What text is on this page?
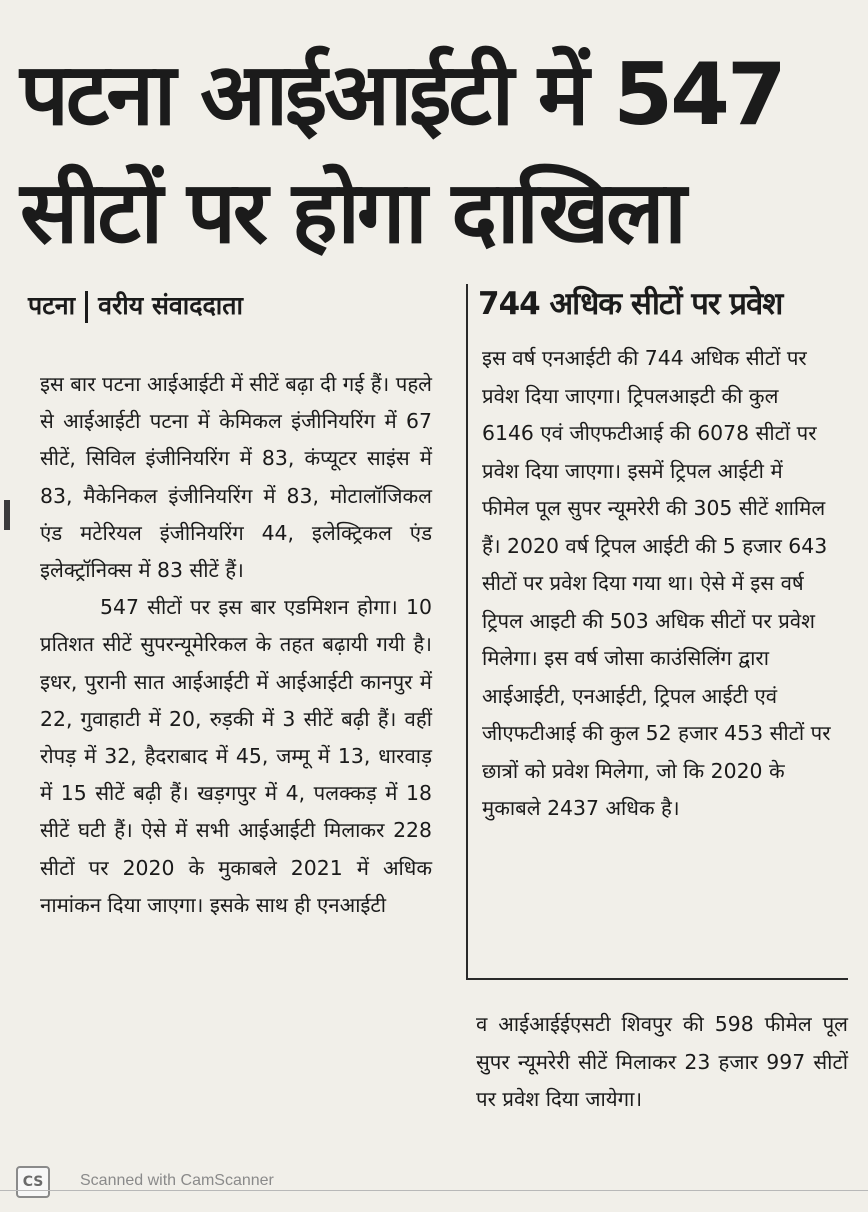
पटना आईआईटी में 547
सीटों पर होगा दाखिला
पटना वरीय संवाददाता

इस बार पटना आईआईटी में सीटें बढ़ा दी गई हैं। पहले से आईआईटी पटना में केमिकल इंजीनियरिंग में 67 सीटें, सिविल इंजीनियरिंग में 83, कंप्यूटर साइंस में 83, मैकेनिकल इंजीनियरिंग में 83, मोटालॉजिकल एंड मटेरियल इंजीनियरिंग 44, इलेक्ट्रिकल एंड इलेक्ट्रॉनिक्स में 83 सीटें हैं।

547 सीटों पर इस बार एडमिशन होगा। 10 प्रतिशत सीटें सुपरन्यूमेरिकल के तहत बढ़ायी गयी है। इधर, पुरानी सात आईआईटी में आईआईटी कानपुर में 22, गुवाहाटी में 20, रुड़की में 3 सीटें बढ़ी हैं। वहीं रोपड़ में 32, हैदराबाद में 45, जम्मू में 13, धारवाड़ में 15 सीटें बढ़ी हैं। खड़गपुर में 4, पलक्कड़ में 18 सीटें घटी हैं। ऐसे में सभी आईआईटी मिलाकर 228 सीटों पर 2020 के मुकाबले 2021 में अधिक नामांकन दिया जाएगा। इसके साथ ही एनआईटी

744 अधिक सीटों पर प्रवेश

इस वर्ष एनआईटी की 744 अधिक सीटों पर प्रवेश दिया जाएगा। ट्रिपलआइटी की कुल 6146 एवं जीएफटीआई की 6078 सीटों पर प्रवेश दिया जाएगा। इसमें ट्रिपल आईटी में फीमेल पूल सुपर न्यूमरेरी की 305 सीटें शामिल हैं। 2020 वर्ष ट्रिपल आईटी की 5 हजार 643 सीटों पर प्रवेश दिया गया था। ऐसे में इस वर्ष ट्रिपल आइटी की 503 अधिक सीटों पर प्रवेश मिलेगा। इस वर्ष जोसा काउंसिलिंग द्वारा आईआईटी, एनआईटी, ट्रिपल आईटी एवं जीएफटीआई की कुल 52 हजार 453 सीटों पर छात्रों को प्रवेश मिलेगा, जो कि 2020 के मुकाबले 2437 अधिक है।

व आईआईईएसटी शिवपुर की 598 फीमेल पूल सुपर न्यूमरेरी सीटें मिलाकर 23 हजार 997 सीटों पर प्रवेश दिया जायेगा।

CS	Scanned with CamScanner
